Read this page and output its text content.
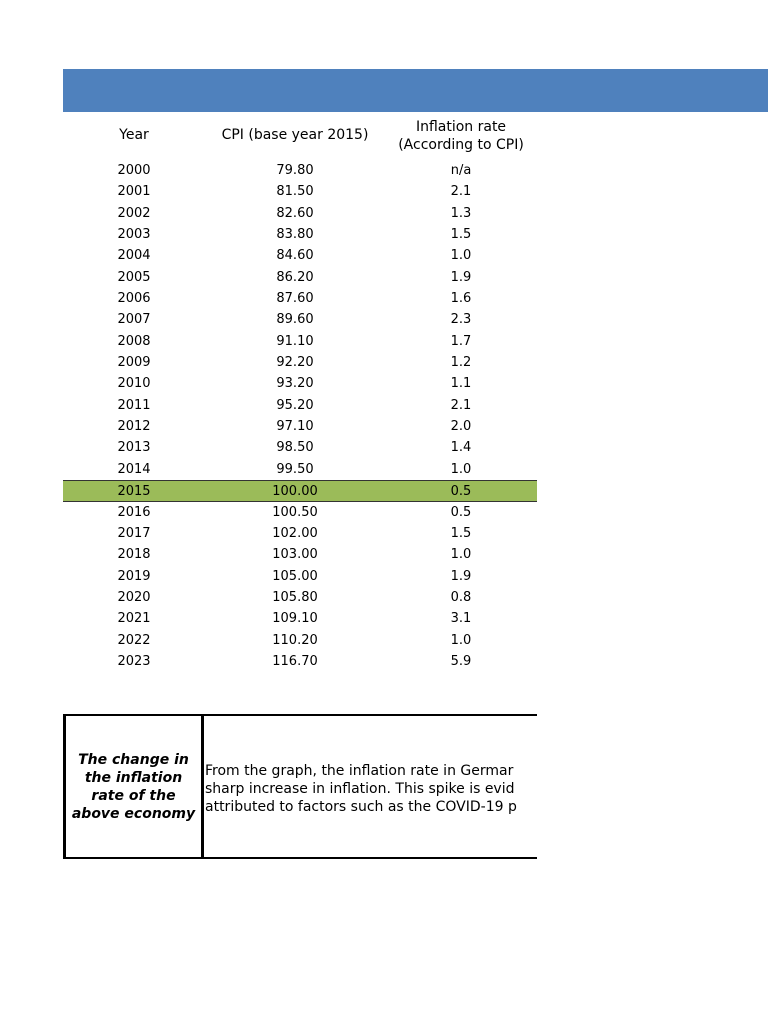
Year	CPI (base year 2015)	Inflation rate
(According to CPI)
2000	79.80	n/a
2001	81.50	2.1
2002	82.60	1.3
2003	83.80	1.5
2004	84.60	1.0
2005	86.20	1.9
2006	87.60	1.6
2007	89.60	2.3
2008	91.10	1.7
2009	92.20	1.2
2010	93.20	1.1
2011	95.20	2.1
2012	97.10	2.0
2013	98.50	1.4
2014	99.50	1.0
2015	100.00	0.5
2016	100.50	0.5
2017	102.00	1.5
2018	103.00	1.0
2019	105.00	1.9
2020	105.80	0.8
2021	109.10	3.1
2022	110.20	1.0
2023	116.70	5.9
The change in the inflation rate of the above economy
From the graph, the inflation rate in Germar
sharp increase in inflation. This spike is evid
attributed to factors such as the COVID-19 p
